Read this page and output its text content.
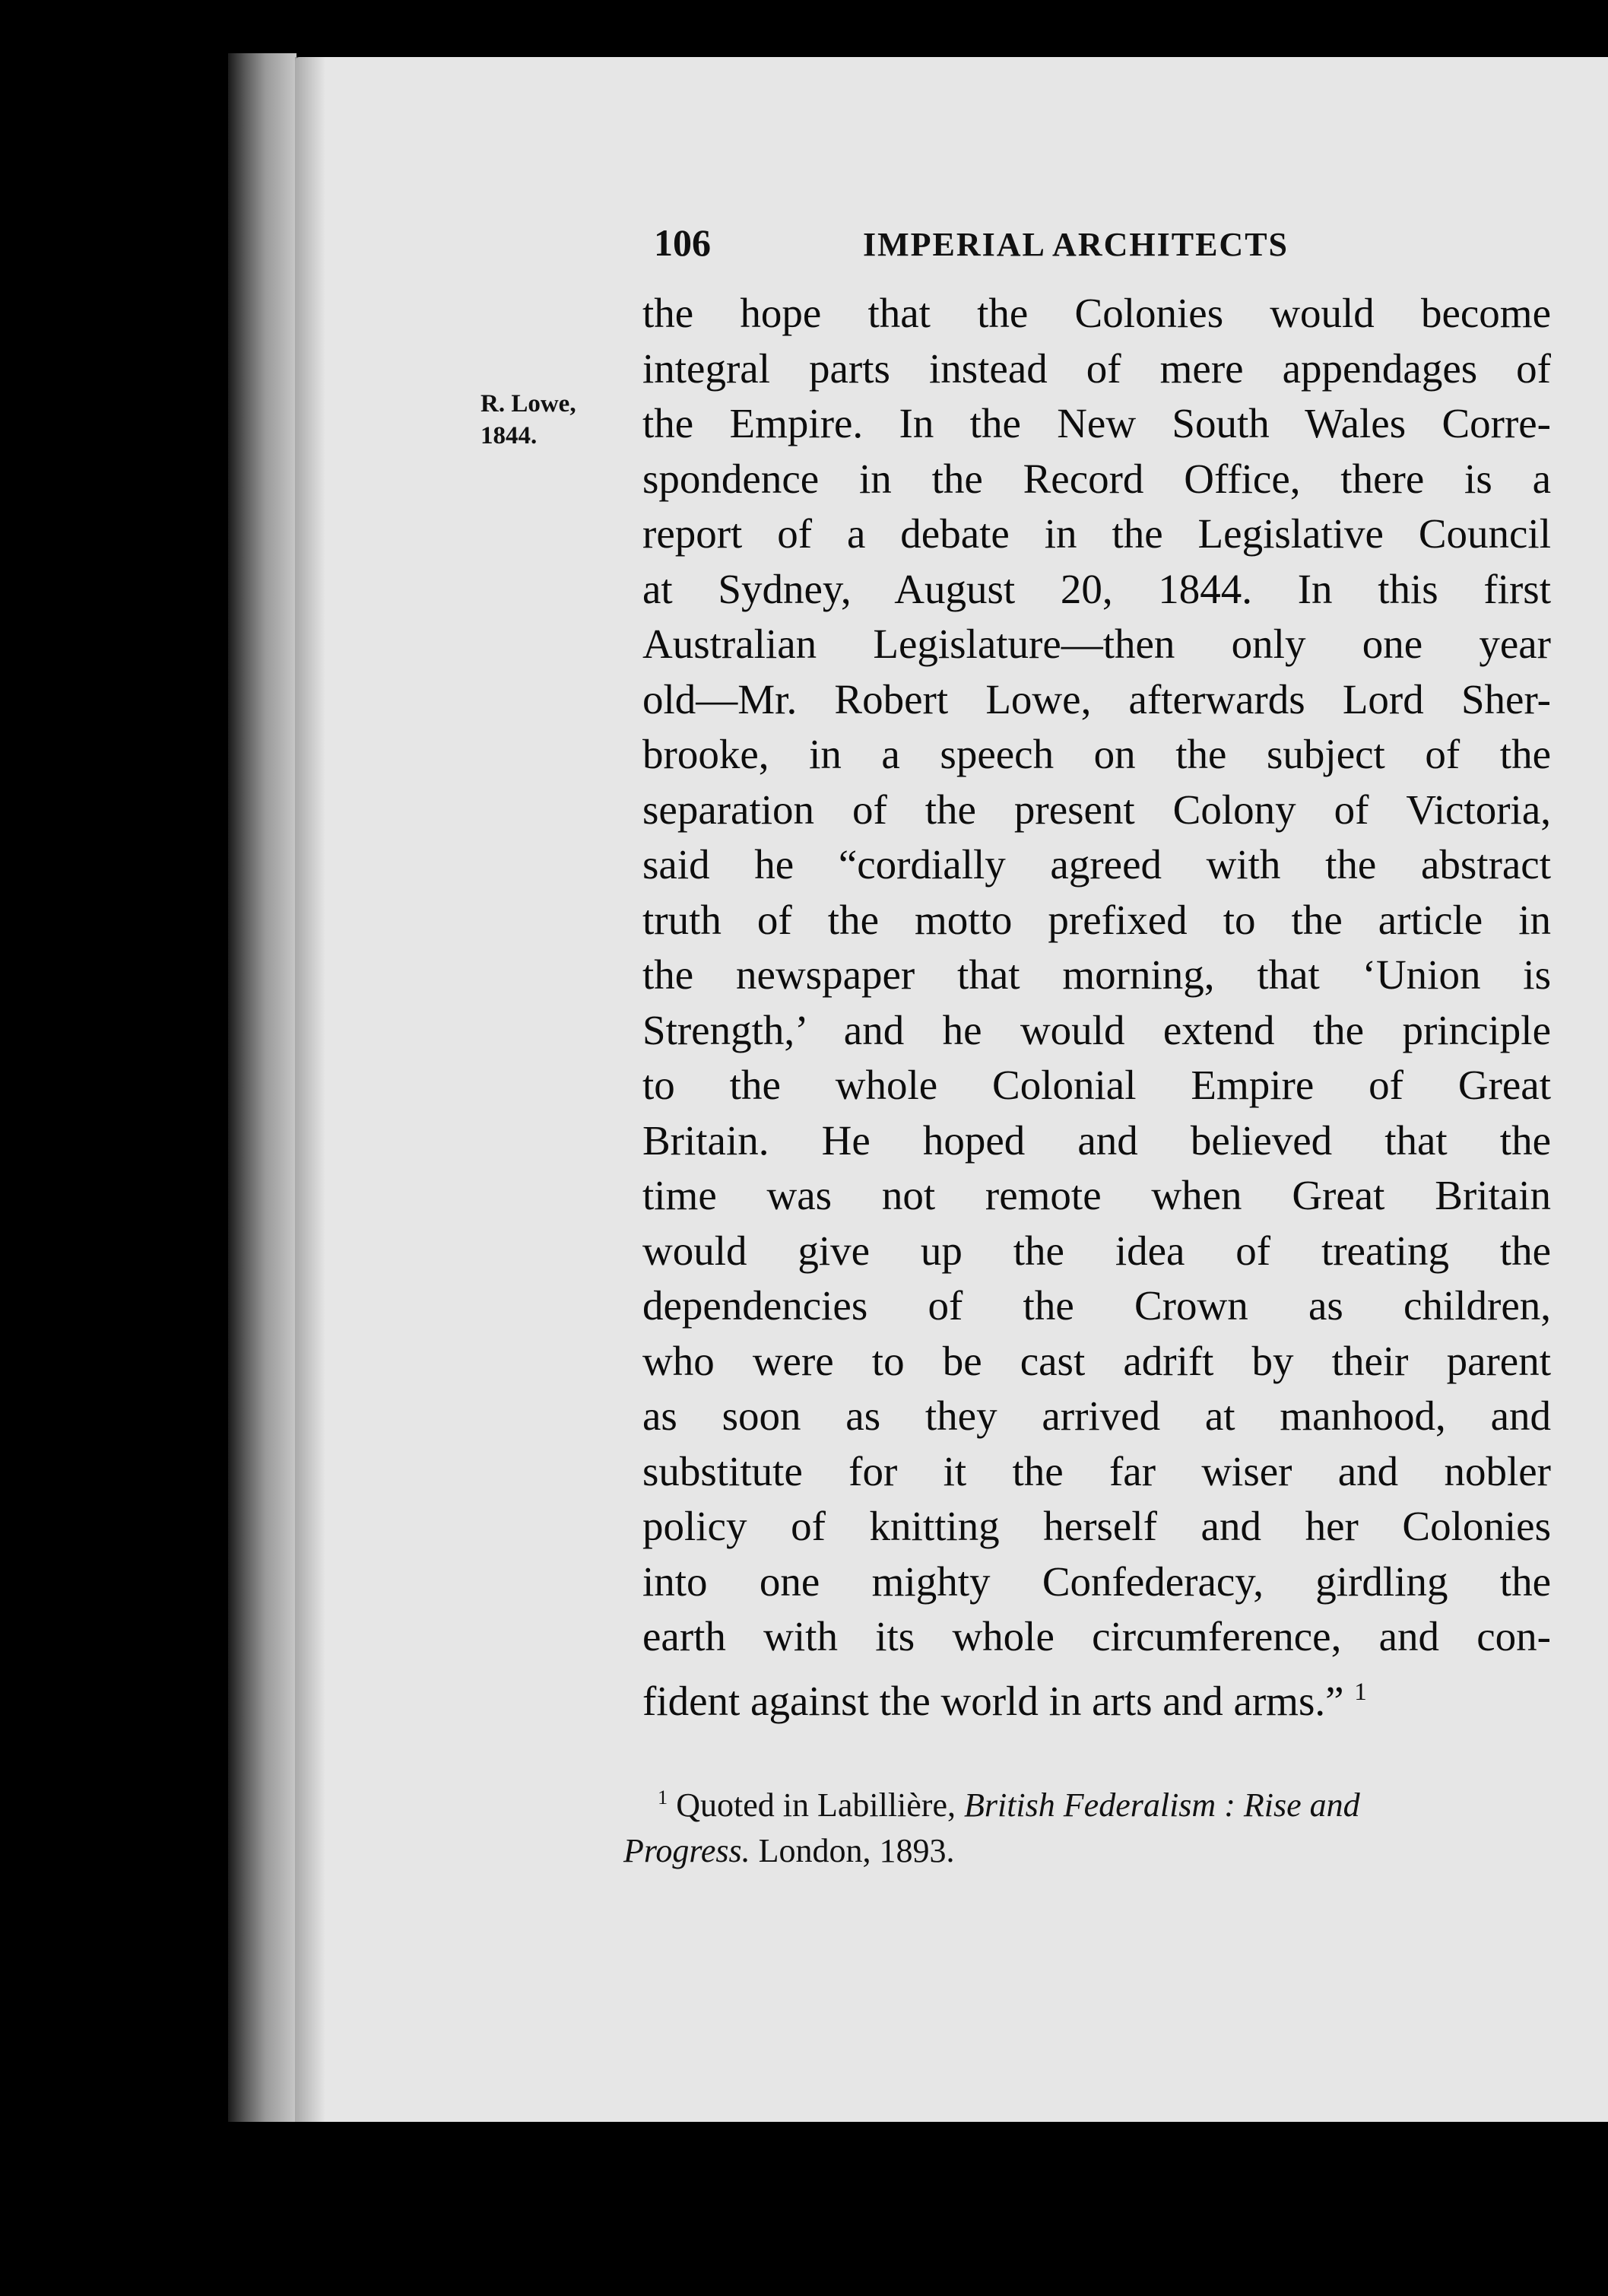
106	IMPERIAL ARCHITECTS
R. Lowe,
1844.
the hope that the Colonies would become
integral parts instead of mere appendages of
the Empire. In the New South Wales Corre-
spondence in the Record Office, there is a
report of a debate in the Legislative Council
at Sydney, August 20, 1844. In this first
Australian Legislature—then only one year
old—Mr. Robert Lowe, afterwards Lord Sher-
brooke, in a speech on the subject of the
separation of the present Colony of Victoria,
said he “cordially agreed with the abstract
truth of the motto prefixed to the article in
the newspaper that morning, that ‘Union is
Strength,’ and he would extend the principle
to the whole Colonial Empire of Great
Britain. He hoped and believed that the
time was not remote when Great Britain
would give up the idea of treating the
dependencies of the Crown as children,
who were to be cast adrift by their parent
as soon as they arrived at manhood, and
substitute for it the far wiser and nobler
policy of knitting herself and her Colonies
into one mighty Confederacy, girdling the
earth with its whole circumference, and con-
fident against the world in arts and arms.” $^1$
$^1$ Quoted in Labillière, British Federalism : Rise and
Progress. London, 1893.
